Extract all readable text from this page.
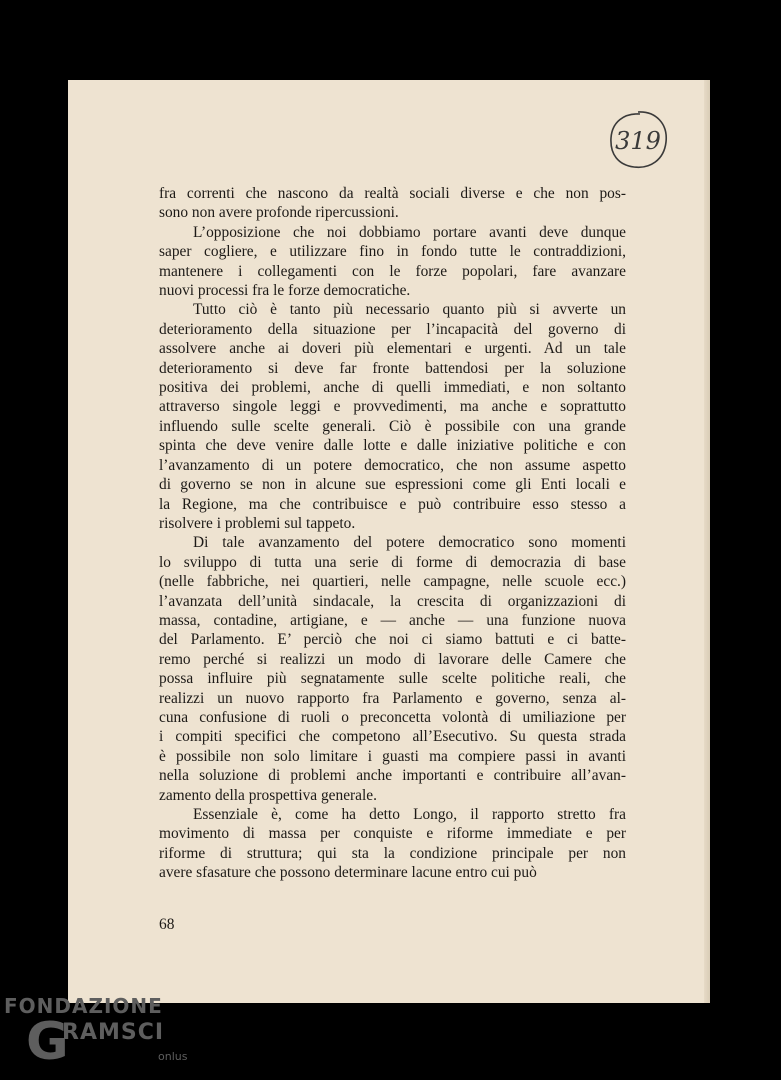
319

fra correnti che nascono da realtà sociali diverse e che non pos-

sono non avere profonde ripercussioni.

L’opposizione che noi dobbiamo portare avanti deve dunque

saper cogliere, e utilizzare fino in fondo tutte le contraddizioni,

mantenere i collegamenti con le forze popolari, fare avanzare

nuovi processi fra le forze democratiche.

Tutto ciò è tanto più necessario quanto più si avverte un

deterioramento della situazione per l’incapacità del governo di

assolvere anche ai doveri più elementari e urgenti. Ad un tale

deterioramento si deve far fronte battendosi per la soluzione

positiva dei problemi, anche di quelli immediati, e non soltanto

attraverso singole leggi e provvedimenti, ma anche e soprattutto

influendo sulle scelte generali. Ciò è possibile con una grande

spinta che deve venire dalle lotte e dalle iniziative politiche e con

l’avanzamento di un potere democratico, che non assume aspetto

di governo se non in alcune sue espressioni come gli Enti locali e

la Regione, ma che contribuisce e può contribuire esso stesso a

risolvere i problemi sul tappeto.

Di tale avanzamento del potere democratico sono momenti

lo sviluppo di tutta una serie di forme di democrazia di base

(nelle fabbriche, nei quartieri, nelle campagne, nelle scuole ecc.)

l’avanzata dell’unità sindacale, la crescita di organizzazioni di

massa, contadine, artigiane, e — anche — una funzione nuova

del Parlamento. E’ perciò che noi ci siamo battuti e ci batte-

remo perché si realizzi un modo di lavorare delle Camere che

possa influire più segnatamente sulle scelte politiche reali, che

realizzi un nuovo rapporto fra Parlamento e governo, senza al-

cuna confusione di ruoli o preconcetta volontà di umiliazione per

i compiti specifici che competono all’Esecutivo. Su questa strada

è possibile non solo limitare i guasti ma compiere passi in avanti

nella soluzione di problemi anche importanti e contribuire all’avan-

zamento della prospettiva generale.

Essenziale è, come ha detto Longo, il rapporto stretto fra

movimento di massa per conquiste e riforme immediate e per

riforme di struttura; qui sta la condizione principale per non

avere sfasature che possono determinare lacune entro cui può

68
FONDAZIONE
G
RAMSCI
onlus
